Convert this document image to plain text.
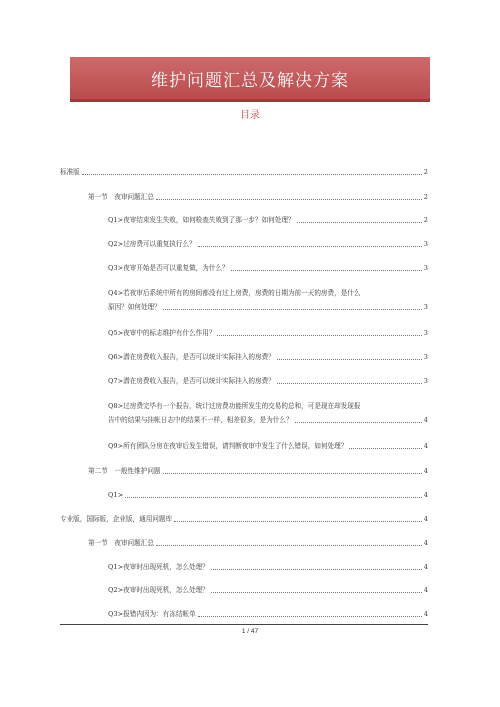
维护问题汇总及解决方案
目录
标准版	2
第一节　夜审问题汇总	2
Q1>夜审结束发生失败，如何检查失败到了那一步？如何处理？	2
Q2>过房费可以重复执行么？	3
Q3>夜审开始是否可以重复做，为什么？	3
Q4>若夜审后系统中所有的房间都没有过上房费，房费的日期为前一天的房费，是什么
原因？如何处理？	3
Q5>夜审中的标志维护有什么作用？	3
Q6>潜在房费收入报告，是否可以统计实际挂入的房费？	3
Q7>潜在房费收入报告，是否可以统计实际挂入的房费？	3
Q8>过房费完毕有一个报告，统计过房费功能所发生的交易的总和，可是现在却发现报
告中的结果与挂帐日志中的结果不一样，相差很多，是为什么？	4
Q9>所有团队分房在夜审后发生错误，请判断夜审中发生了什么错误，如何处理？	4
第二节　一般性维护问题	4
Q1>	4
专业版，国际版，企业版，通用问题库	4
第一节　夜审问题汇总	4
Q1>夜审时出现死机，怎么处理？	4
Q2>夜审时出现死机，怎么处理？	4
Q3>报错内因为：有冻结帐单	4
1 / 47
